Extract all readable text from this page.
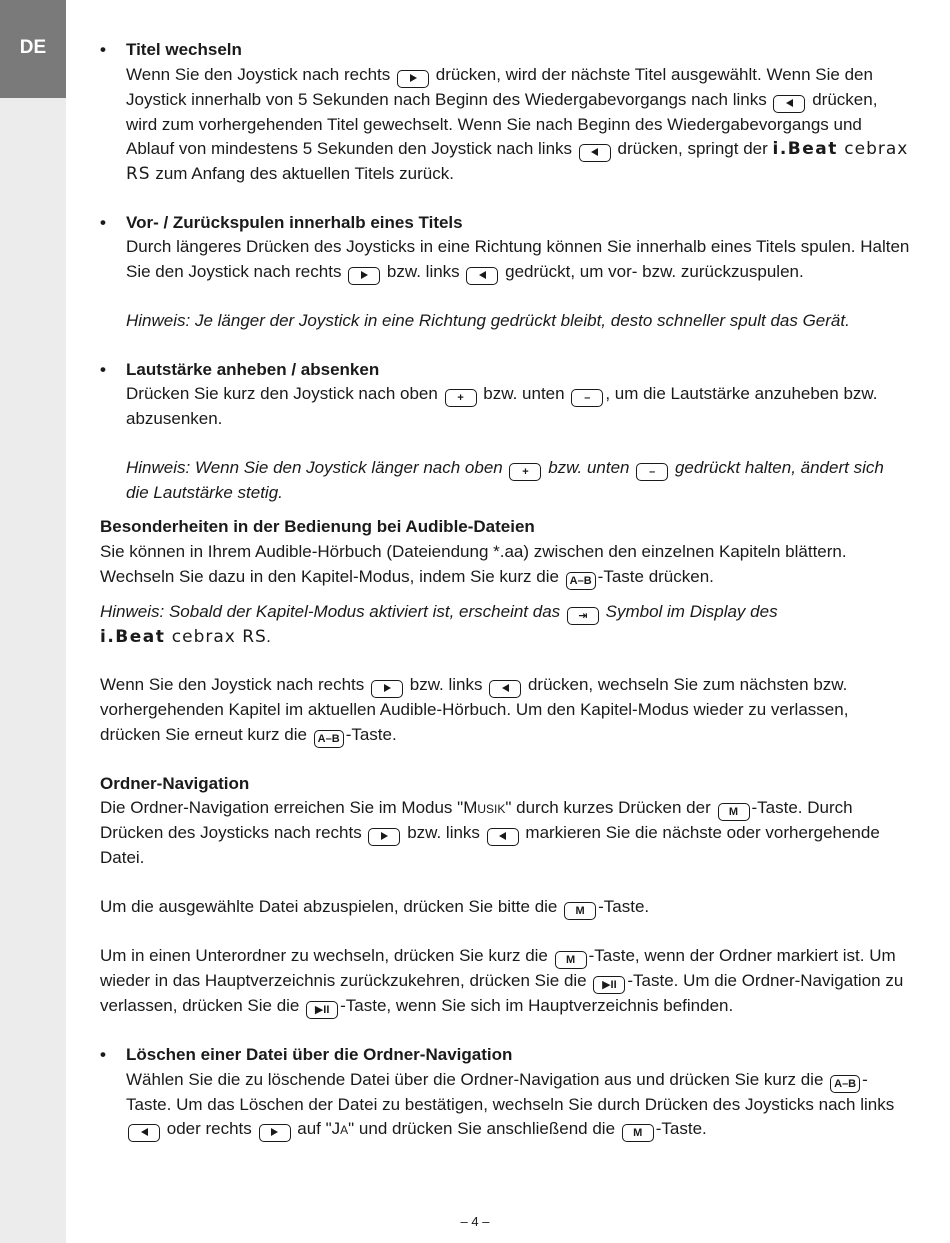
DE

•	Titel wechseln

Wenn Sie den Joystick nach rechts	drücken, wird der nächste Titel ausgewählt. Wenn Sie den Joystick innerhalb von 5 Sekunden nach Beginn des Wiedergabevorgangs nach links	drücken, wird zum vorhergehenden Titel gewechselt. Wenn Sie nach Beginn des Wiedergabevorgangs und Ablauf von mindestens 5 Sekunden den Joystick nach links	drücken, springt der i.Beat cebrax RS zum Anfang des aktuellen Titels zurück.

• Vor- / Zurückspulen innerhalb eines Titels

Durch längeres Drücken des Joysticks in eine Richtung können Sie innerhalb eines Titels spulen. Halten Sie den Joystick nach rechts	bzw. links	gedrückt, um vor- bzw. zurückzuspulen.

Hinweis: Je länger der Joystick in eine Richtung gedrückt bleibt, desto schneller spult das Gerät.

• Lautstärke anheben / absenken

Drücken Sie kurz den Joystick nach oben + bzw. unten – , um die Lautstärke anzuheben bzw. abzusenken.

Hinweis: Wenn Sie den Joystick länger nach oben + bzw. unten – gedrückt halten, ändert sich die Lautstärke stetig.

Besonderheiten in der Bedienung bei Audible-Dateien

Sie können in Ihrem Audible-Hörbuch (Dateiendung *.aa) zwischen den einzelnen Kapiteln blättern. Wechseln Sie dazu in den Kapitel-Modus, indem Sie kurz die A–B -Taste drücken.

Hinweis: Sobald der Kapitel-Modus aktiviert ist, erscheint das ⇥ Symbol im Display des
i.Beat cebrax RS.

Wenn Sie den Joystick nach rechts	bzw. links	drücken, wechseln Sie zum nächsten bzw. vorhergehenden Kapitel im aktuellen Audible-Hörbuch. Um den Kapitel-Modus wieder zu verlassen, drücken Sie erneut kurz die A–B -Taste.

Ordner-Navigation

Die Ordner-Navigation erreichen Sie im Modus "Musik" durch kurzes Drücken der M -Taste. Durch Drücken des Joysticks nach rechts	bzw. links	markieren Sie die nächste oder vorhergehende Datei.

Um die ausgewählte Datei abzuspielen, drücken Sie bitte die M -Taste.

Um in einen Unterordner zu wechseln, drücken Sie kurz die M -Taste, wenn der Ordner markiert ist. Um wieder in das Hauptverzeichnis zurückzukehren, drücken Sie die ▶II -Taste. Um die Ordner-Navigation zu verlassen, drücken Sie die ▶II -Taste, wenn Sie sich im Hauptverzeichnis befinden.

• Löschen einer Datei über die Ordner-Navigation

Wählen Sie die zu löschende Datei über die Ordner-Navigation aus und drücken Sie kurz die A–B -Taste. Um das Löschen der Datei zu bestätigen, wechseln Sie durch Drücken des Joysticks nach links  oder rechts	auf "Ja" und drücken Sie anschließend die M -Taste.

– 4 –
